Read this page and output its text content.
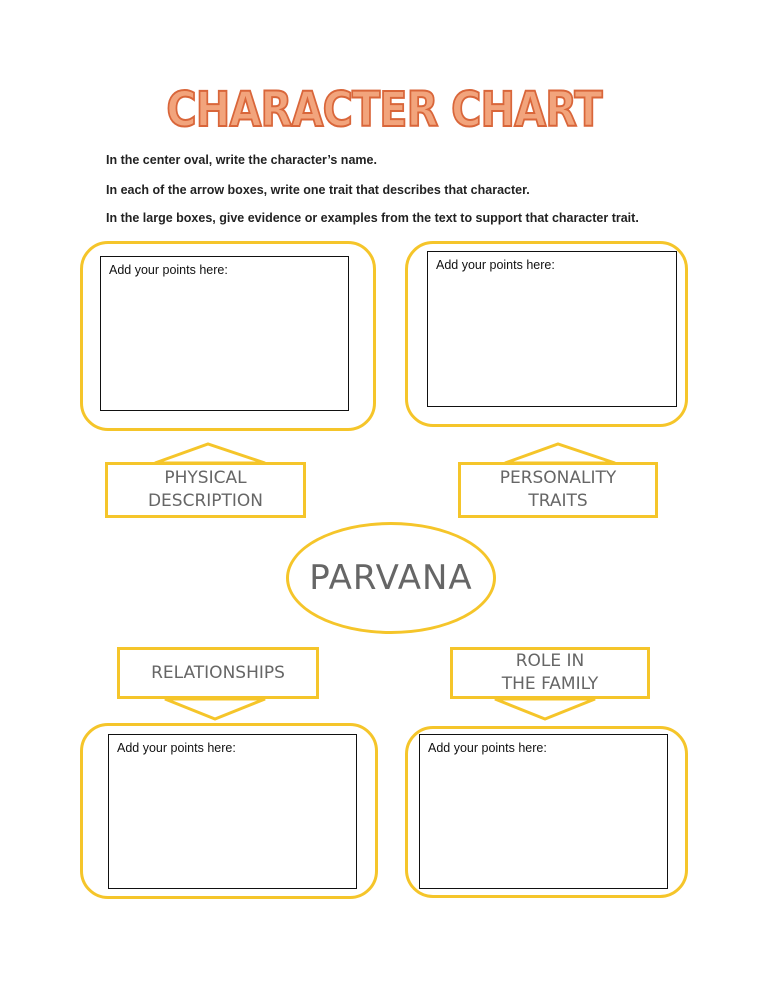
CHARACTER CHART
In the center oval, write the character’s name.
In each of the arrow boxes, write one trait that describes that character.
In the large boxes, give evidence or examples from the text to support that character trait.
Add your points here:	Add your points here:
PHYSICAL
DESCRIPTION
PERSONALITY
TRAITS
PARVANA
RELATIONSHIPS
ROLE IN
THE FAMILY
Add your points here:	Add your points here:
